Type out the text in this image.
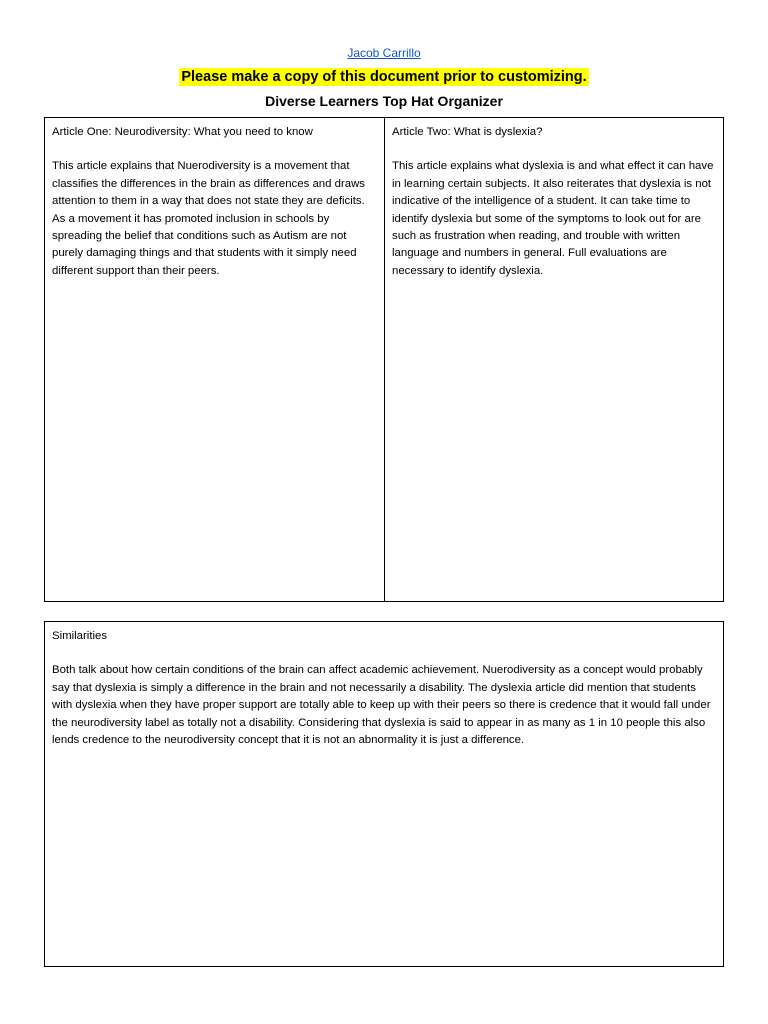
Jacob Carrillo
Please make a copy of this document prior to customizing.
Diverse Learners Top Hat Organizer
Article One: Neurodiversity: What you need to know
This article explains that Nuerodiversity is a movement that classifies the differences in the brain as differences and draws attention to them in a way that does not state they are deficits. As a movement it has promoted inclusion in schools by spreading the belief that conditions such as Autism are not purely damaging things and that students with it simply need different support than their peers.
Article Two: What is dyslexia?
This article explains what dyslexia is and what effect it can have in learning certain subjects. It also reiterates that dyslexia is not indicative of the intelligence of a student. It can take time to identify dyslexia but some of the symptoms to look out for are such as frustration when reading, and trouble with written language and numbers in general. Full evaluations are necessary to identify dyslexia.
Similarities
Both talk about how certain conditions of the brain can affect academic achievement. Nuerodiversity as a concept would probably say that dyslexia is simply a difference in the brain and not necessarily a disability. The dyslexia article did mention that students with dyslexia when they have proper support are totally able to keep up with their peers so there is credence that it would fall under the neurodiversity label as totally not a disability. Considering that dyslexia is said to appear in as many as 1 in 10 people this also lends credence to the neurodiversity concept that it is not an abnormality it is just a difference.
